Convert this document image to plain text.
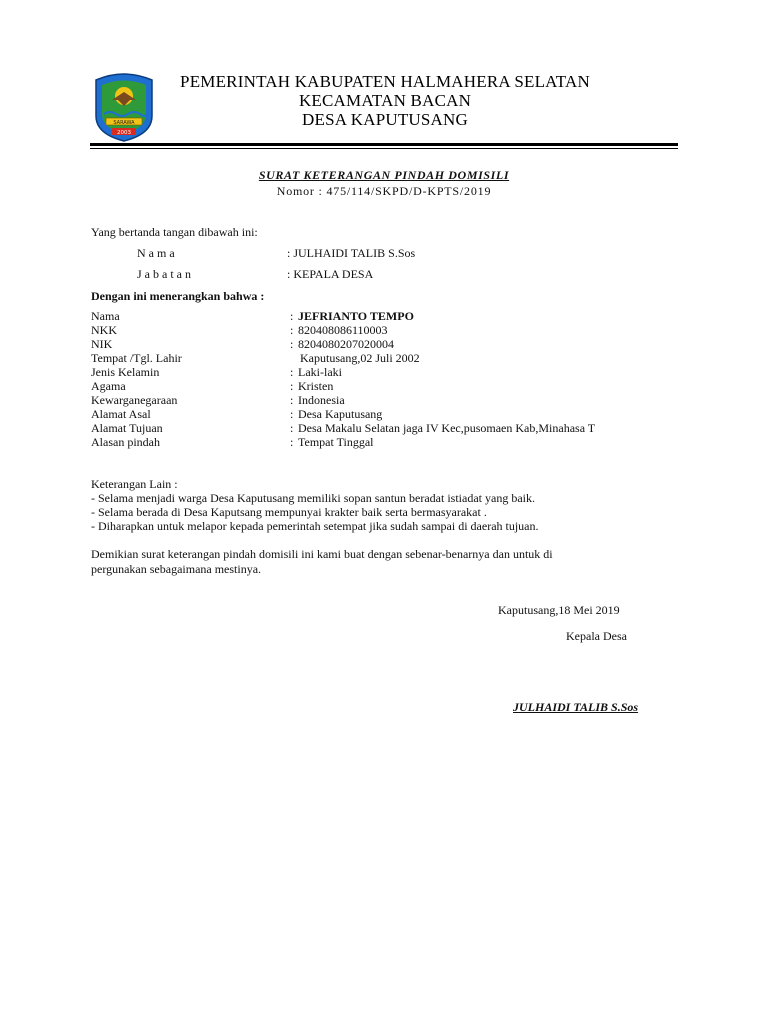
SARAWA
2003
PEMERINTAH KABUPATEN HALMAHERA SELATAN
KECAMATAN BACAN
DESA KAPUTUSANG
SURAT KETERANGAN PINDAH DOMISILI
Nomor : 475/114/SKPD/D-KPTS/2019
Yang bertanda tangan dibawah ini:
N a m a	: JULHAIDI TALIB S.Sos
J a b a t a n	: KEPALA DESA
Dengan ini menerangkan bahwa :
Nama	: JEFRIANTO TEMPO
NKK	: 820408086110003
NIK	: 8204080207020004
Tempat /Tgl. Lahir	Kaputusang,02 Juli 2002
Jenis Kelamin	: Laki-laki
Agama	: Kristen
Kewarganegaraan	: Indonesia
Alamat Asal	: Desa Kaputusang
Alamat Tujuan	: Desa Makalu Selatan jaga IV Kec,pusomaen Kab,Minahasa T
Alasan pindah	: Tempat Tinggal
Keterangan Lain :
- Selama menjadi warga Desa Kaputusang memiliki sopan santun beradat istiadat yang baik.
- Selama berada di Desa Kaputsang mempunyai krakter baik serta bermasyarakat .
- Diharapkan untuk melapor kepada pemerintah setempat jika sudah sampai di daerah tujuan.
Demikian surat keterangan pindah domisili ini kami buat dengan sebenar-benarnya dan untuk di
pergunakan sebagaimana mestinya.
Kaputusang,18 Mei 2019
Kepala Desa
JULHAIDI TALIB S.Sos
